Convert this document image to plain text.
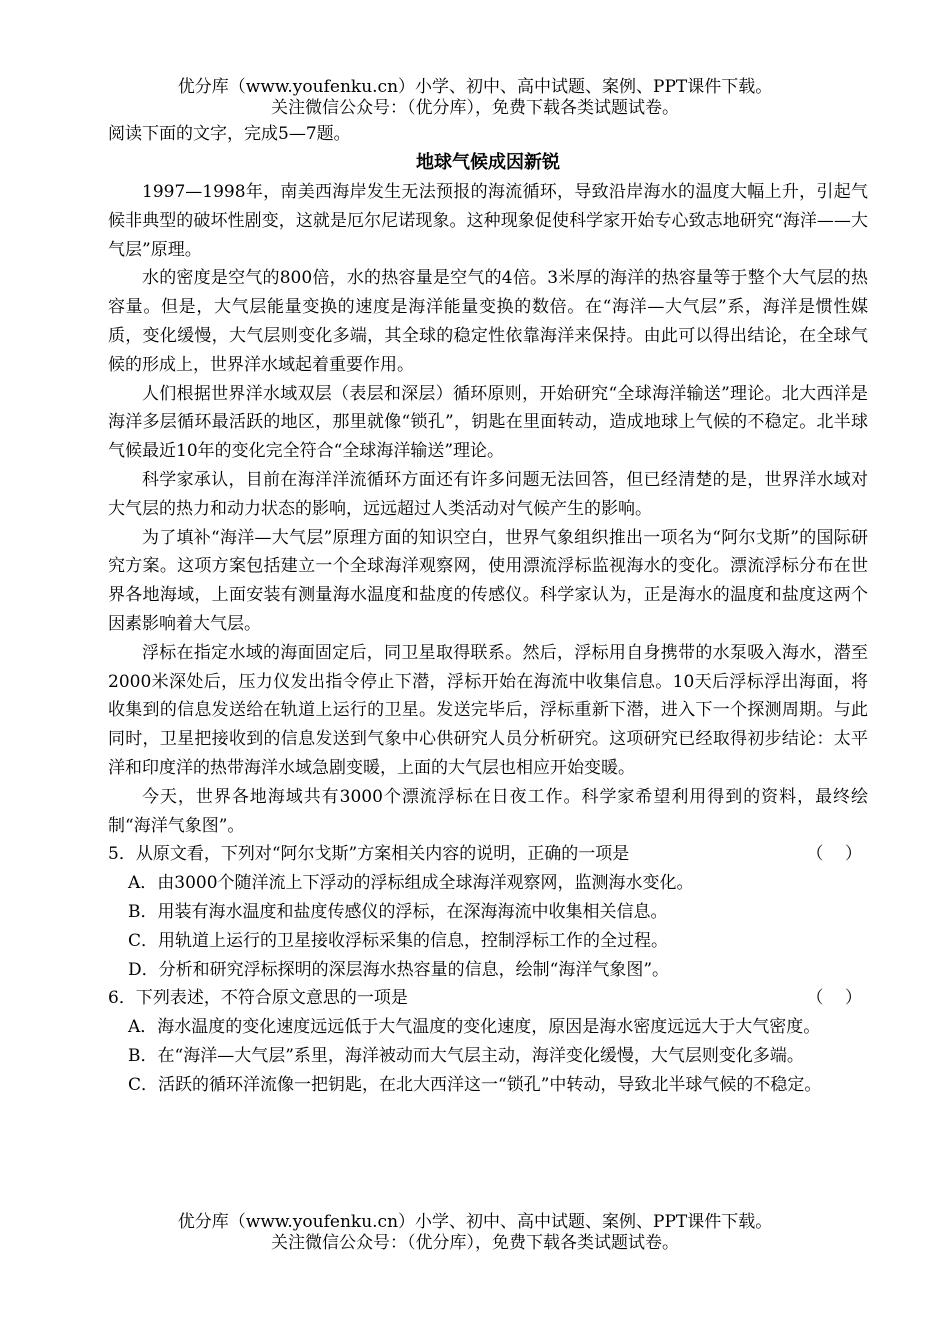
优分库（www.youfenku.cn）小学、初中、高中试题、案例、PPT课件下载。
关注微信公众号：（优分库），免费下载各类试题试卷。

阅读下面的文字，完成5—7题。

地球气候成因新锐

1997—1998年，南美西海岸发生无法预报的海流循环，导致沿岸海水的温度大幅上升，引起气候非典型的破坏性剧变，这就是厄尔尼诺现象。这种现象促使科学家开始专心致志地研究“海洋——大气层”原理。

水的密度是空气的800倍，水的热容量是空气的4倍。3米厚的海洋的热容量等于整个大气层的热容量。但是，大气层能量变换的速度是海洋能量变换的数倍。在“海洋—大气层”系，海洋是惯性媒质，变化缓慢，大气层则变化多端，其全球的稳定性依靠海洋来保持。由此可以得出结论，在全球气候的形成上，世界洋水域起着重要作用。

人们根据世界洋水域双层（表层和深层）循环原则，开始研究“全球海洋输送”理论。北大西洋是海洋多层循环最活跃的地区，那里就像“锁孔”，钥匙在里面转动，造成地球上气候的不稳定。北半球气候最近10年的变化完全符合“全球海洋输送”理论。

科学家承认，目前在海洋洋流循环方面还有许多问题无法回答，但已经清楚的是，世界洋水域对大气层的热力和动力状态的影响，远远超过人类活动对气候产生的影响。

为了填补“海洋—大气层”原理方面的知识空白，世界气象组织推出一项名为“阿尔戈斯”的国际研究方案。这项方案包括建立一个全球海洋观察网，使用漂流浮标监视海水的变化。漂流浮标分布在世界各地海域，上面安装有测量海水温度和盐度的传感仪。科学家认为，正是海水的温度和盐度这两个因素影响着大气层。

浮标在指定水域的海面固定后，同卫星取得联系。然后，浮标用自身携带的水泵吸入海水，潜至2000米深处后，压力仪发出指令停止下潜，浮标开始在海流中收集信息。10天后浮标浮出海面，将收集到的信息发送给在轨道上运行的卫星。发送完毕后，浮标重新下潜，进入下一个探测周期。与此同时，卫星把接收到的信息发送到气象中心供研究人员分析研究。这项研究已经取得初步结论：太平洋和印度洋的热带海洋水域急剧变暖，上面的大气层也相应开始变暖。

今天，世界各地海域共有3000个漂流浮标在日夜工作。科学家希望利用得到的资料，最终绘制“海洋气象图”。

5．从原文看，下列对“阿尔戈斯”方案相关内容的说明，正确的一项是	（    ）

A．由3000个随洋流上下浮动的浮标组成全球海洋观察网，监测海水变化。

B．用装有海水温度和盐度传感仪的浮标，在深海海流中收集相关信息。

C．用轨道上运行的卫星接收浮标采集的信息，控制浮标工作的全过程。

D．分析和研究浮标探明的深层海水热容量的信息，绘制“海洋气象图”。

6．下列表述，不符合原文意思的一项是	（    ）

A．海水温度的变化速度远远低于大气温度的变化速度，原因是海水密度远远大于大气密度。

B．在“海洋—大气层”系里，海洋被动而大气层主动，海洋变化缓慢，大气层则变化多端。

C．活跃的循环洋流像一把钥匙，在北大西洋这一“锁孔”中转动，导致北半球气候的不稳定。

优分库（www.youfenku.cn）小学、初中、高中试题、案例、PPT课件下载。
关注微信公众号：（优分库），免费下载各类试题试卷。
